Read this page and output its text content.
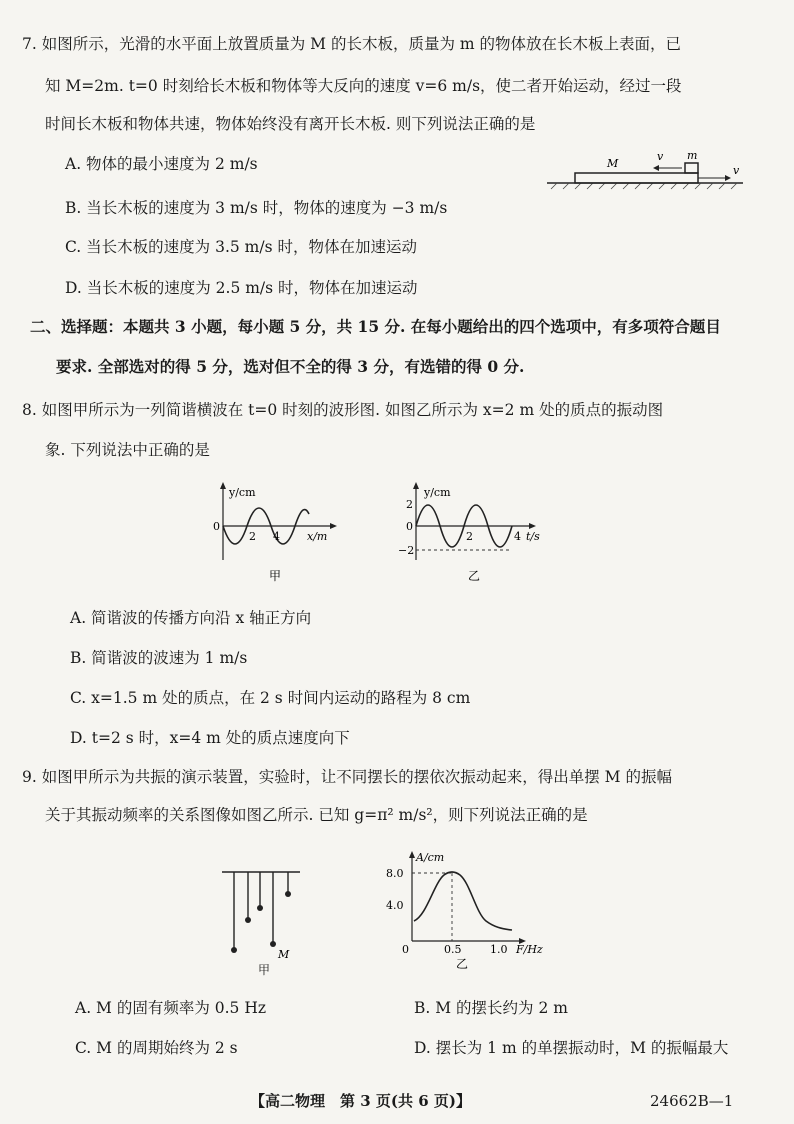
7. 如图所示，光滑的水平面上放置质量为 M 的长木板，质量为 m 的物体放在长木板上表面，已
知 M=2m. t=0 时刻给长木板和物体等大反向的速度 v=6 m/s，使二者开始运动，经过一段
时间长木板和物体共速，物体始终没有离开长木板. 则下列说法正确的是
A. 物体的最小速度为 2 m/s
B. 当长木板的速度为 3 m/s 时，物体的速度为 −3 m/s
C. 当长木板的速度为 3.5 m/s 时，物体在加速运动
D. 当长木板的速度为 2.5 m/s 时，物体在加速运动
M
m
v
v
二、选择题：本题共 3 小题，每小题 5 分，共 15 分. 在每小题给出的四个选项中，有多项符合题目
要求. 全部选对的得 5 分，选对但不全的得 3 分，有选错的得 0 分.
8. 如图甲所示为一列简谐横波在 t=0 时刻的波形图. 如图乙所示为 x=2 m 处的质点的振动图
象. 下列说法中正确的是
y/cm
0
2 4 x/m
甲
y/cm
2
0
−2
2	4 t/s
乙
A. 简谐波的传播方向沿 x 轴正方向
B. 简谐波的波速为 1 m/s
C. x=1.5 m 处的质点，在 2 s 时间内运动的路程为 8 cm
D. t=2 s 时，x=4 m 处的质点速度向下
9. 如图甲所示为共振的演示装置，实验时，让不同摆长的摆依次振动起来，得出单摆 M 的振幅
关于其振动频率的关系图像如图乙所示. 已知 g=π² m/s²，则下列说法正确的是
M
甲
A/cm
8.0
4.0
0	0.5	1.0 F/Hz
乙
A. M 的固有频率为 0.5 Hz	B. M 的摆长约为 2 m
C. M 的周期始终为 2 s	D. 摆长为 1 m 的单摆振动时，M 的振幅最大
【高二物理　第 3 页(共 6 页)】	24662B—1
